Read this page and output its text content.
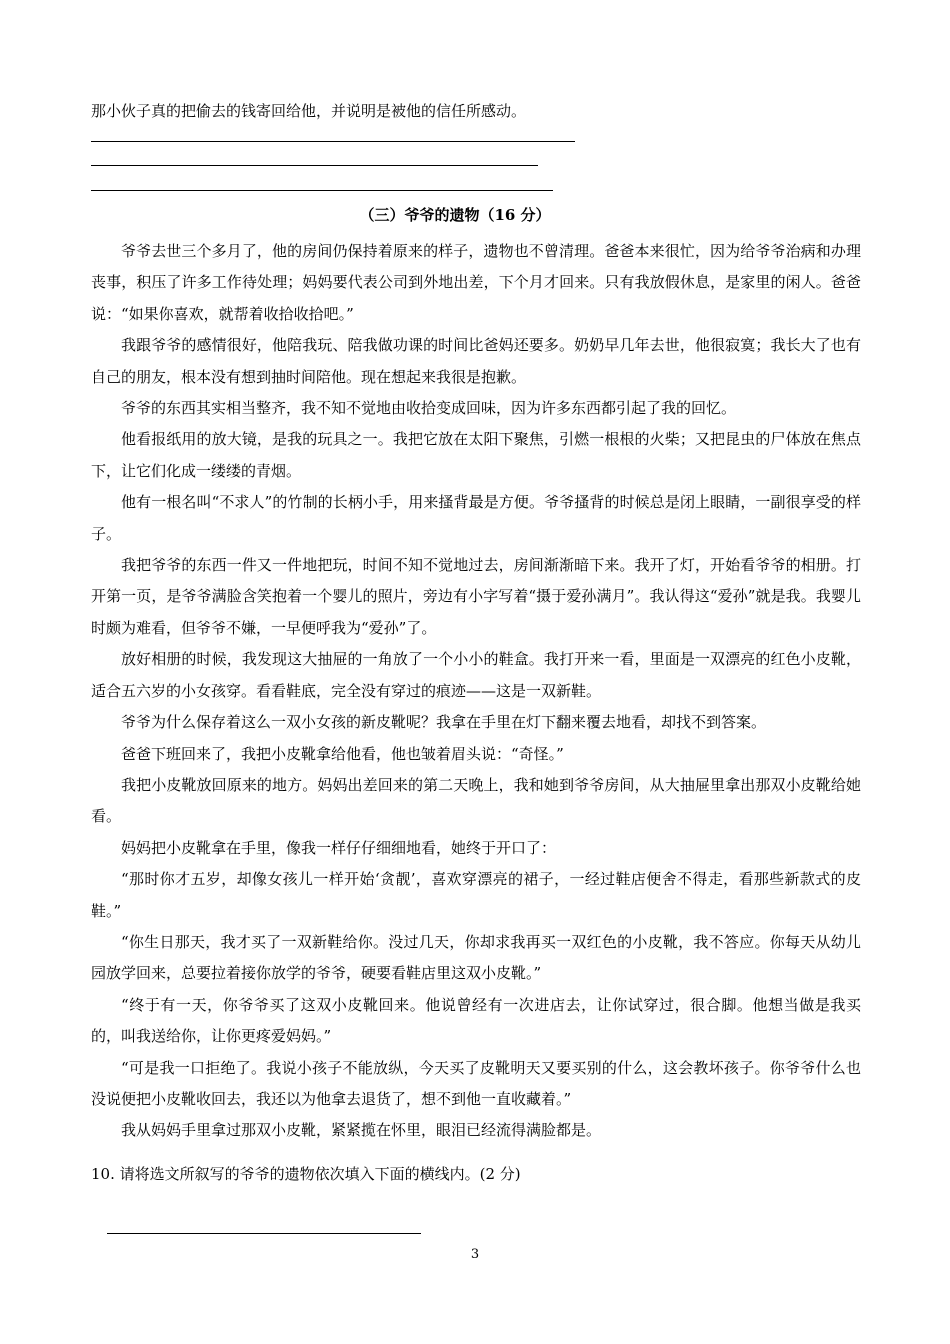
那小伙子真的把偷去的钱寄回给他，并说明是被他的信任所感动。
（三）爷爷的遗物（16 分）

爷爷去世三个多月了，他的房间仍保持着原来的样子，遗物也不曾清理。爸爸本来很忙，因为给爷爷治病和办理丧事，积压了许多工作待处理；妈妈要代表公司到外地出差，下个月才回来。只有我放假休息，是家里的闲人。爸爸说：“如果你喜欢，就帮着收拾收拾吧。”

我跟爷爷的感情很好，他陪我玩、陪我做功课的时间比爸妈还要多。奶奶早几年去世，他很寂寞；我长大了也有自己的朋友，根本没有想到抽时间陪他。现在想起来我很是抱歉。

爷爷的东西其实相当整齐，我不知不觉地由收拾变成回味，因为许多东西都引起了我的回忆。

他看报纸用的放大镜，是我的玩具之一。我把它放在太阳下聚焦，引燃一根根的火柴；又把昆虫的尸体放在焦点下，让它们化成一缕缕的青烟。

他有一根名叫“不求人”的竹制的长柄小手，用来搔背最是方便。爷爷搔背的时候总是闭上眼睛，一副很享受的样子。

我把爷爷的东西一件又一件地把玩，时间不知不觉地过去，房间渐渐暗下来。我开了灯，开始看爷爷的相册。打开第一页，是爷爷满脸含笑抱着一个婴儿的照片，旁边有小字写着“摄于爱孙满月”。我认得这“爱孙”就是我。我婴儿时颇为难看，但爷爷不嫌，一早便呼我为“爱孙”了。

放好相册的时候，我发现这大抽屉的一角放了一个小小的鞋盒。我打开来一看，里面是一双漂亮的红色小皮靴，适合五六岁的小女孩穿。看看鞋底，完全没有穿过的痕迹——这是一双新鞋。

爷爷为什么保存着这么一双小女孩的新皮靴呢？我拿在手里在灯下翻来覆去地看，却找不到答案。

爸爸下班回来了，我把小皮靴拿给他看，他也皱着眉头说：“奇怪。”

我把小皮靴放回原来的地方。妈妈出差回来的第二天晚上，我和她到爷爷房间，从大抽屉里拿出那双小皮靴给她看。

妈妈把小皮靴拿在手里，像我一样仔仔细细地看，她终于开口了：

“那时你才五岁，却像女孩儿一样开始‘贪靓’，喜欢穿漂亮的裙子，一经过鞋店便舍不得走，看那些新款式的皮鞋。”

“你生日那天，我才买了一双新鞋给你。没过几天，你却求我再买一双红色的小皮靴，我不答应。你每天从幼儿园放学回来，总要拉着接你放学的爷爷，硬要看鞋店里这双小皮靴。”

“终于有一天，你爷爷买了这双小皮靴回来。他说曾经有一次进店去，让你试穿过，很合脚。他想当做是我买的，叫我送给你，让你更疼爱妈妈。”

“可是我一口拒绝了。我说小孩子不能放纵，今天买了皮靴明天又要买别的什么，这会教坏孩子。你爷爷什么也没说便把小皮靴收回去，我还以为他拿去退货了，想不到他一直收藏着。”

我从妈妈手里拿过那双小皮靴，紧紧揽在怀里，眼泪已经流得满脸都是。

10. 请将选文所叙写的爷爷的遗物依次填入下面的横线内。(2 分)
3
